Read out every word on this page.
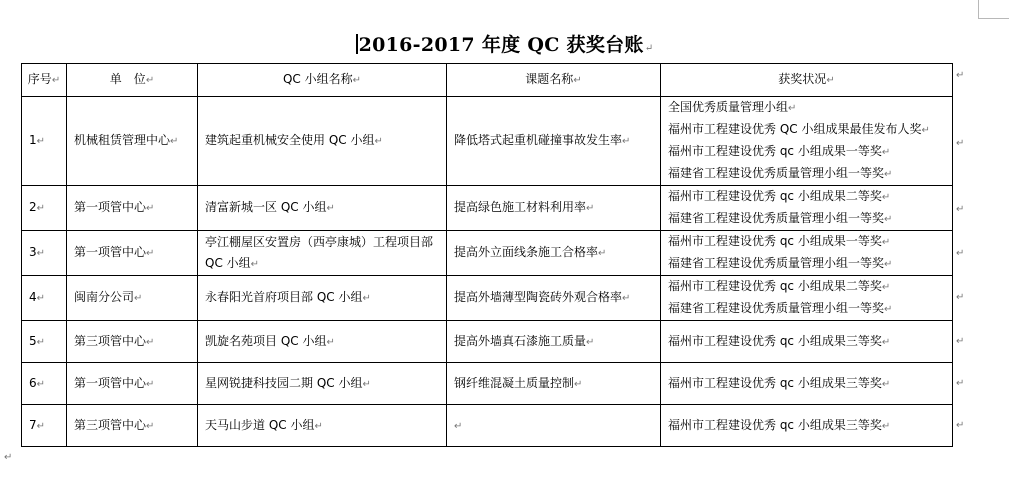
2016-2017 年度 QC 获奖台账↵
序号↵	单　位↵	QC 小组名称↵	课题名称↵	获奖状况↵
1↵	机械租赁管理中心↵	建筑起重机械安全使用 QC 小组↵	降低塔式起重机碰撞事故发生率↵	全国优秀质量管理小组↵
福州市工程建设优秀 QC 小组成果最佳发布人奖↵
福州市工程建设优秀 qc 小组成果一等奖↵
福建省工程建设优秀质量管理小组一等奖↵

2↵	第一项管中心↵	清富新城一区 QC 小组↵	提高绿色施工材料利用率↵	福州市工程建设优秀 qc 小组成果二等奖↵
福建省工程建设优秀质量管理小组一等奖↵

3↵	第一项管中心↵	亭江棚屋区安置房（西亭康城）工程项目部 QC 小组↵	提高外立面线条施工合格率↵	福州市工程建设优秀 qc 小组成果一等奖↵
福建省工程建设优秀质量管理小组一等奖↵

4↵	闽南分公司↵	永春阳光首府项目部 QC 小组↵	提高外墙薄型陶瓷砖外观合格率↵	福州市工程建设优秀 qc 小组成果二等奖↵
福建省工程建设优秀质量管理小组一等奖↵

5↵	第三项管中心↵	凯旋名苑项目 QC 小组↵	提高外墙真石漆施工质量↵	福州市工程建设优秀 qc 小组成果三等奖↵

6↵	第一项管中心↵	星网锐捷科技园二期 QC 小组↵	钢纤维混凝土质量控制↵	福州市工程建设优秀 qc 小组成果三等奖↵

7↵	第三项管中心↵	天马山步道 QC 小组↵	↵	福州市工程建设优秀 qc 小组成果三等奖↵
↵
↵
↵
↵
↵
↵
↵
↵
↵
